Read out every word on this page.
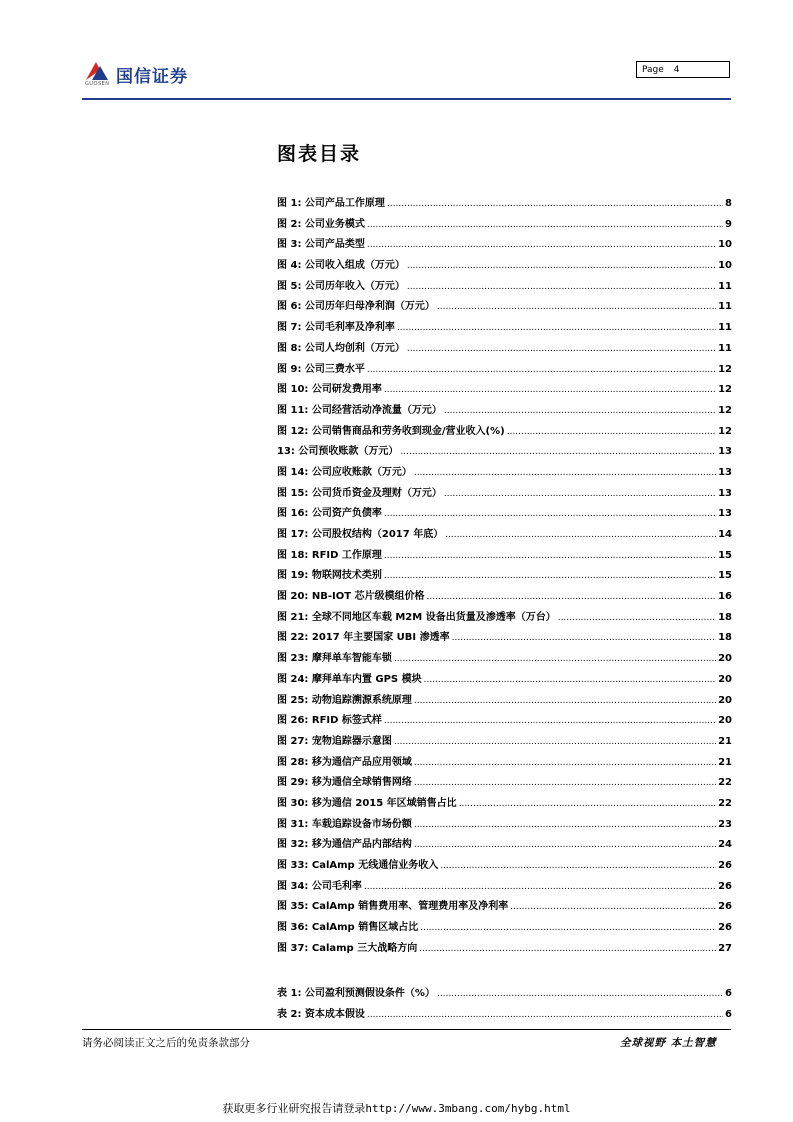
国信证券
GUOSEN
Page 4
图表目录
图 1: 公司产品工作原理 .....	8
图 2: 公司业务模式 .....	9
图 3: 公司产品类型 .....	10
图 4: 公司收入组成（万元） .....	10
图 5: 公司历年收入（万元） .....	11
图 6: 公司历年归母净利润（万元） .....	11
图 7: 公司毛利率及净利率 .....	11
图 8: 公司人均创利（万元） .....	11
图 9: 公司三费水平 .....	12
图 10: 公司研发费用率 .....	12
图 11: 公司经营活动净流量（万元） .....	12
图 12: 公司销售商品和劳务收到现金/营业收入(%) .....	12
13: 公司预收账款（万元） .....	13
图 14: 公司应收账款（万元） .....	13
图 15: 公司货币资金及理财（万元） .....	13
图 16: 公司资产负债率 .....	13
图 17: 公司股权结构（2017 年底） .....	14
图 18: RFID 工作原理 .....	15
图 19: 物联网技术类别 .....	15
图 20: NB-IOT 芯片级模组价格 .....	16
图 21: 全球不同地区车载 M2M 设备出货量及渗透率（万台） .....	18
图 22: 2017 年主要国家 UBI 渗透率 .....	18
图 23: 摩拜单车智能车锁 .....	20
图 24: 摩拜单车内置 GPS 模块 .....	20
图 25: 动物追踪溯源系统原理 .....	20
图 26: RFID 标签式样 .....	20
图 27: 宠物追踪器示意图 .....	21
图 28: 移为通信产品应用领域 .....	21
图 29: 移为通信全球销售网络 .....	22
图 30: 移为通信 2015 年区域销售占比 .....	22
图 31: 车载追踪设备市场份额 .....	23
图 32: 移为通信产品内部结构 .....	24
图 33: CalAmp 无线通信业务收入 .....	26
图 34: 公司毛利率 .....	26
图 35: CalAmp 销售费用率、管理费用率及净利率 .....	26
图 36: CalAmp 销售区域占比 .....	26
图 37: Calamp 三大战略方向 .....	27
表 1: 公司盈利预测假设条件（%） .....	6
表 2: 资本成本假设 .....	6
请务必阅读正文之后的免责条款部分	全球视野 本土智慧
获取更多行业研究报告请登录http://www.3mbang.com/hybg.html
